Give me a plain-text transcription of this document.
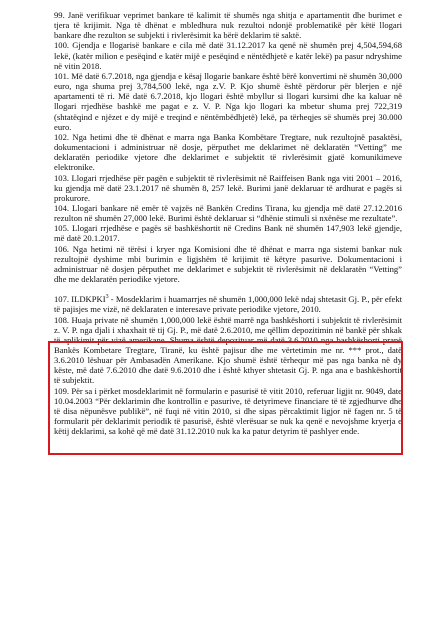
99. Janë verifikuar veprimet bankare të kalimit të shumës nga shitja e apartamentit dhe burimet e tjera të krijimit. Nga të dhënat e mbledhura nuk rezultoi ndonjë problematikë për këtë llogari bankare dhe rezulton se subjekti i rivlerësimit ka bërë deklarim të saktë.

100. Gjendja e llogarisë bankare e cila më datë 31.12.2017 ka qenë në shumën prej 4,504,594,68 lekë, (katër milion e pesëqind e katër mijë e pesëqind e nëntëdhjetë e katër lekë) pa pasur ndryshime në vitin 2018.

101. Më datë 6.7.2018, nga gjendja e kësaj llogarie bankare është bërë konvertimi në shumën 30,000 euro, nga shuma prej 3,784,500 lekë, nga z.V. P. Kjo shumë është përdorur për blerjen e një apartamenti të ri. Më datë 6.7.2018, kjo llogari është mbyllur si llogari kursimi dhe ka kaluar në llogari rrjedhëse bashkë me pagat e z. V. P. Nga kjo llogari ka mbetur shuma prej 722,319 (shtatëqind e njëzet e dy mijë e treqind e nëntëmbëdhjetë) lekë, pa tërheqjes së shumës prej 30.000 euro.

102. Nga hetimi dhe të dhënat e marra nga Banka Kombëtare Tregtare, nuk rezultojnë pasaktësi, dokumentacioni i administruar në dosje, përputhet me deklarimet në deklaratën “Vetting” me deklaratën periodike vjetore dhe deklarimet e subjektit të rivlerësimit gjatë komunikimeve elektronike.

103. Llogari rrjedhëse për pagën e subjektit të rivlerësimit në Raiffeisen Bank nga viti 2001 – 2016, ku gjendja më datë 23.1.2017 në shumën 8, 257 lekë. Burimi janë deklaruar të ardhurat e pagës si prokurore.

104. Llogari bankare në emër të vajzës në Bankën Credins Tirana, ku gjendja më datë 27.12.2016 rezulton në shumën 27,000 lekë. Burimi është deklaruar si “dhënie stimuli si nxënëse me rezultate”.

105. Llogari rrjedhëse e pagës së bashkëshortit në Credins Bank në shumën 147,903 lekë gjendje, më datë 20.1.2017.

106. Nga hetimi në tërësi i kryer nga Komisioni dhe të dhënat e marra nga sistemi bankar nuk rezultojnë dyshime mbi burimin e ligjshëm të krijimit të këtyre pasurive. Dokumentacioni i administruar në dosjen përputhet me deklarimet e subjektit të rivlerësimit në deklaratën “Vetting” dhe me deklaratën periodike vjetore.

107. ILDKPKI$^3$ - Mosdeklarim i huamarrjes në shumën 1,000,000 lekë ndaj shtetasit Gj. P., për efekt të pajisjes me vizë, në deklaraten e interesave private periodike vjetore, 2010.

108. Huaja private në shumën 1,000,000 lekë është marrë nga bashkëshorti i subjektit të rivlerësimit z. V. P. nga djali i xhaxhait të tij Gj. P., më datë 2.6.2010, me qëllim depozitimin në bankë për shkak të aplikimit për vizë amerikane. Shuma është depozituar më datë 3.6.2010 nga bashkëshorti pranë Bankës Kombetare Tregtare, Tiranë, ku është pajisur dhe me vërtetimin me nr. *** prot., datë 3.6.2010 lëshuar për Ambasadën Amerikane. Kjo shumë është tërhequr më pas nga banka në dy këste, më datë 7.6.2010 dhe datë 9.6.2010 dhe i është kthyer shtetasit Gj. P. nga ana e bashkëshortit të subjektit.

109. Për sa i përket mosdeklarimit në formularin e pasurisë të vitit 2010, referuar ligjit nr. 9049, date 10.04.2003 “Për deklarimin dhe kontrollin e pasurive, të detyrimeve financiare të të zgjedhurve dhe të disa nëpunësve publikë”, në fuqi në vitin 2010, si dhe sipas përcaktimit ligjor në fagen nr. 5 të formularit për deklarimit periodik të pasurisë, është vlerësuar se nuk ka qenë e nevojshme kryerja e këtij deklarimi, sa kohë që më datë 31.12.2010 nuk ka ka patur detyrim të pashlyer ende.
